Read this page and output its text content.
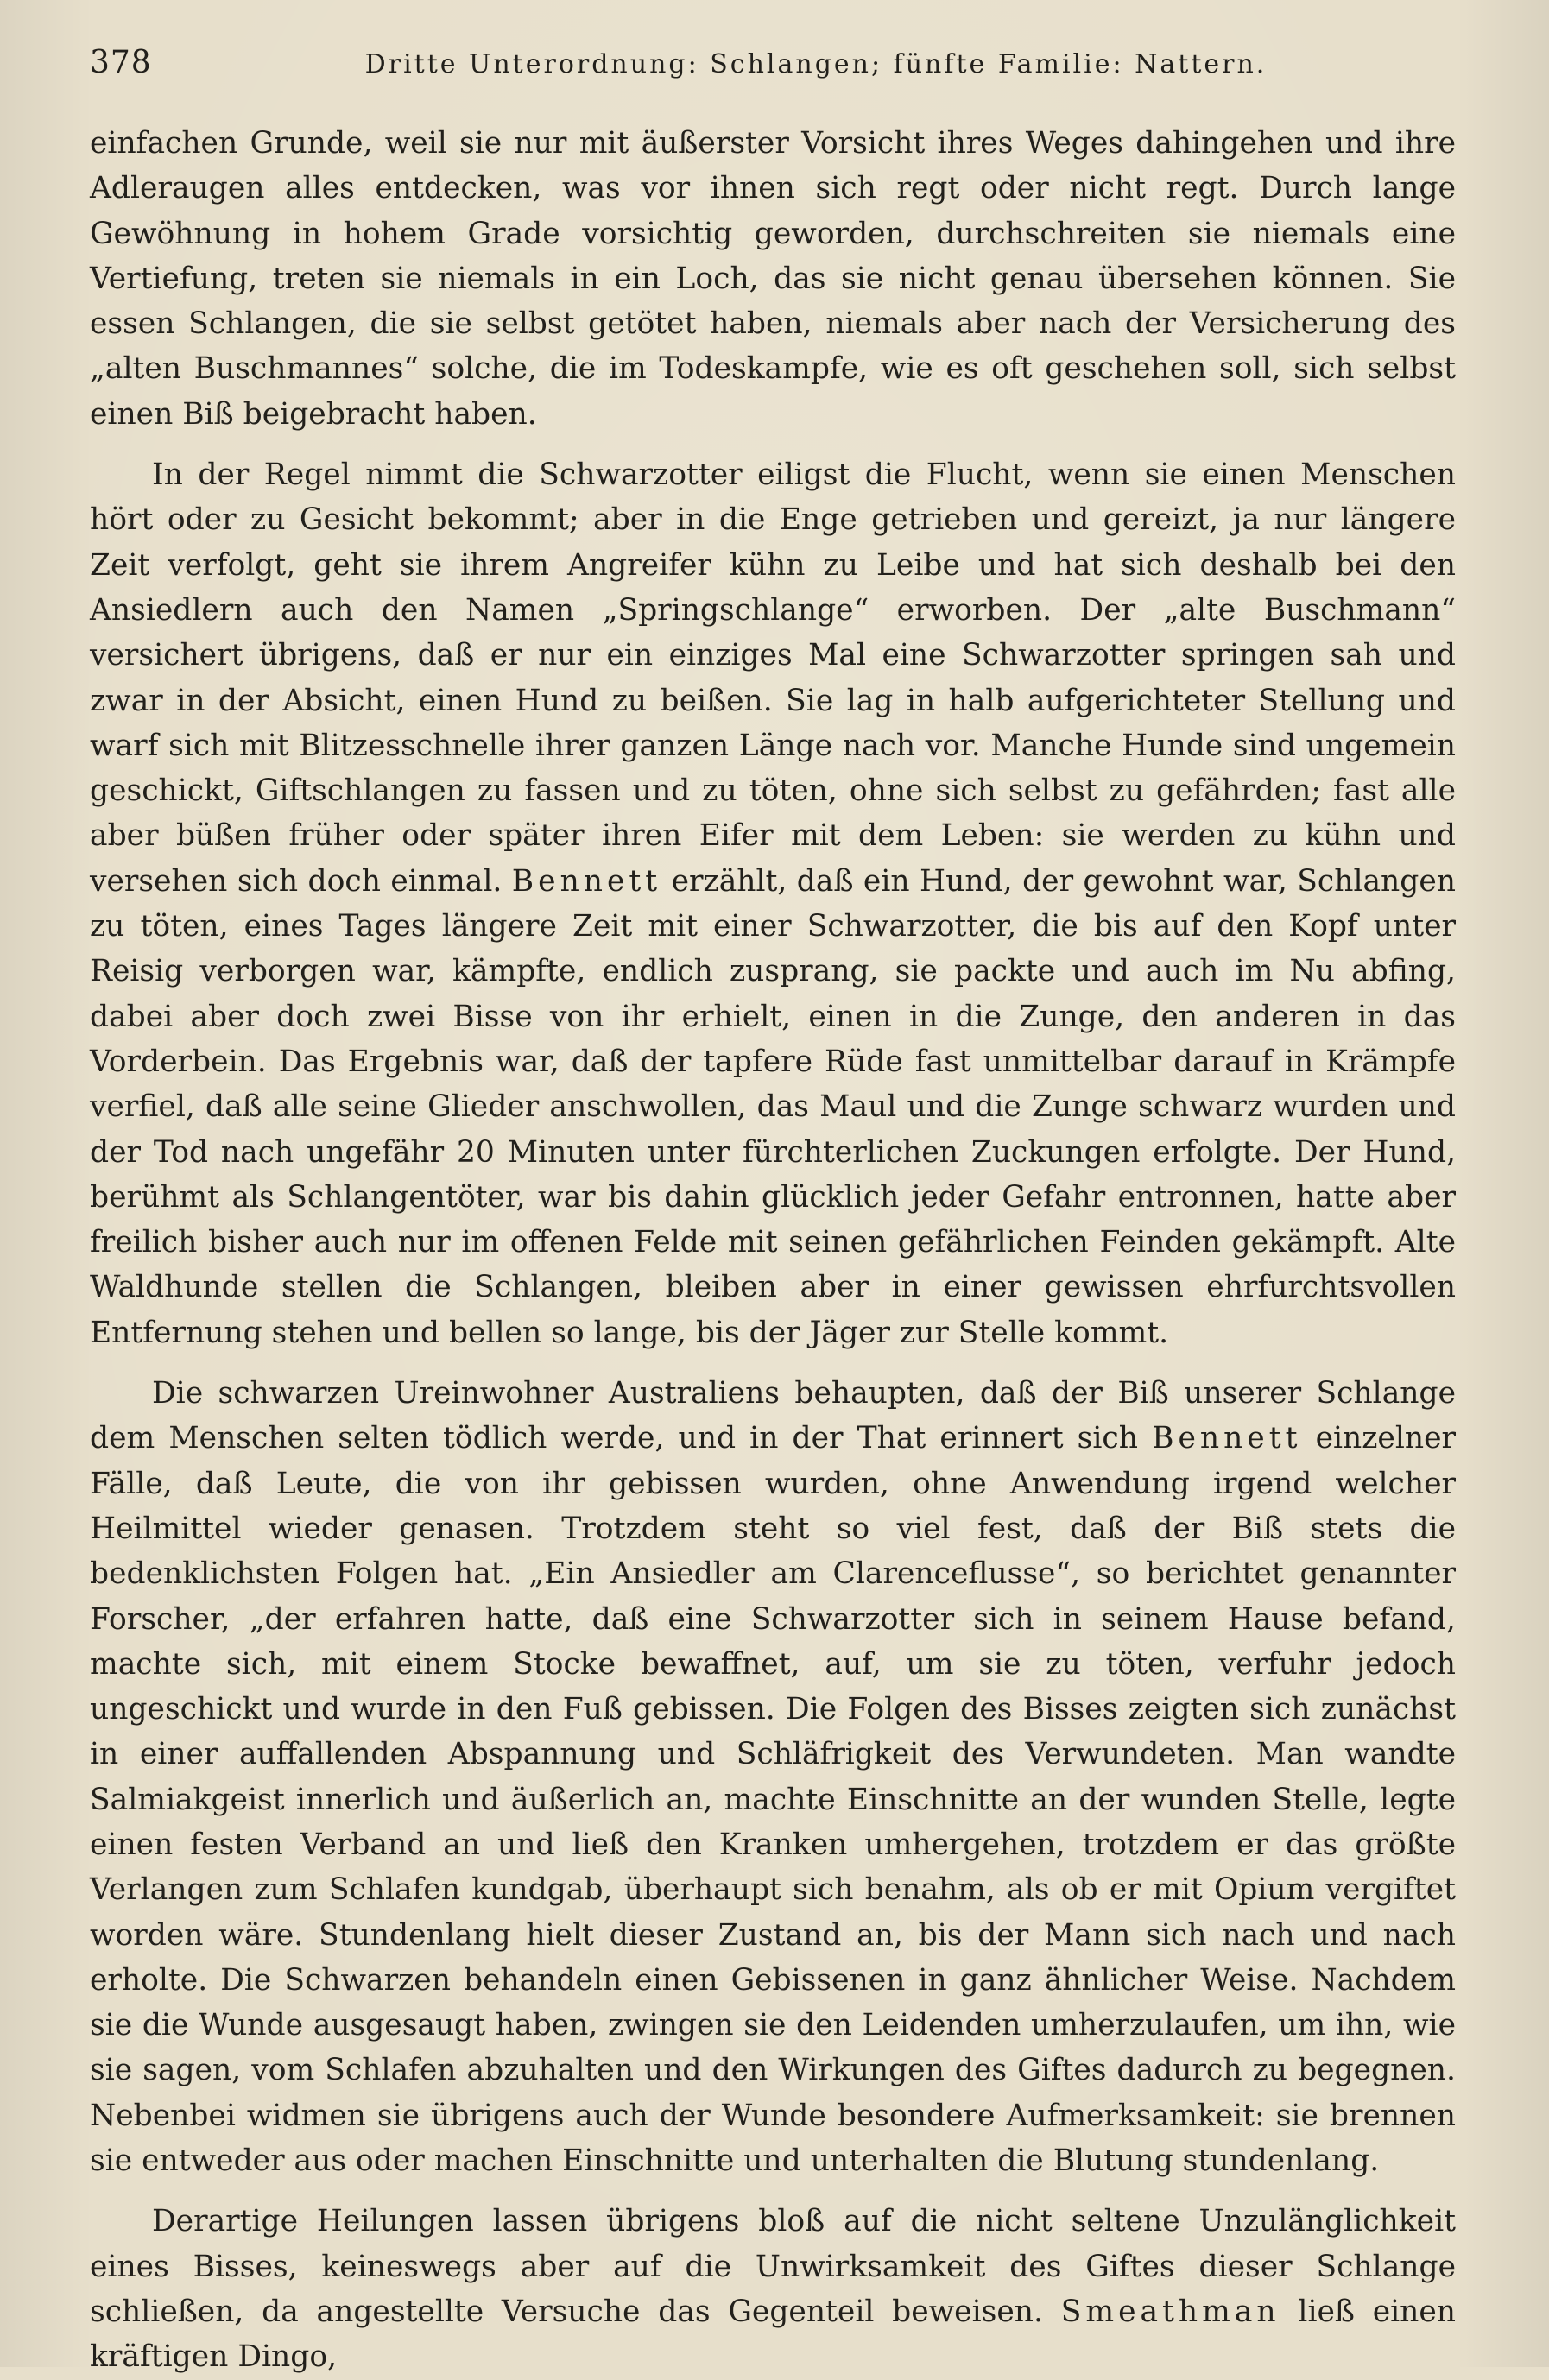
378	Dritte Unterordnung: Schlangen; fünfte Familie: Nattern.

einfachen Grunde, weil sie nur mit äußerster Vorsicht ihres Weges dahingehen und ihre Adleraugen alles entdecken, was vor ihnen sich regt oder nicht regt. Durch lange Gewöhnung in hohem Grade vorsichtig geworden, durchschreiten sie niemals eine Vertiefung, treten sie niemals in ein Loch, das sie nicht genau übersehen können. Sie essen Schlangen, die sie selbst getötet haben, niemals aber nach der Versicherung des „alten Buschmannes“ solche, die im Todeskampfe, wie es oft geschehen soll, sich selbst einen Biß beigebracht haben.

In der Regel nimmt die Schwarzotter eiligst die Flucht, wenn sie einen Menschen hört oder zu Gesicht bekommt; aber in die Enge getrieben und gereizt, ja nur längere Zeit verfolgt, geht sie ihrem Angreifer kühn zu Leibe und hat sich deshalb bei den Ansiedlern auch den Namen „Springschlange“ erworben. Der „alte Buschmann“ versichert übrigens, daß er nur ein einziges Mal eine Schwarzotter springen sah und zwar in der Absicht, einen Hund zu beißen. Sie lag in halb aufgerichteter Stellung und warf sich mit Blitzesschnelle ihrer ganzen Länge nach vor. Manche Hunde sind ungemein geschickt, Giftschlangen zu fassen und zu töten, ohne sich selbst zu gefährden; fast alle aber büßen früher oder später ihren Eifer mit dem Leben: sie werden zu kühn und versehen sich doch einmal. Bennett erzählt, daß ein Hund, der gewohnt war, Schlangen zu töten, eines Tages längere Zeit mit einer Schwarzotter, die bis auf den Kopf unter Reisig verborgen war, kämpfte, endlich zusprang, sie packte und auch im Nu abfing, dabei aber doch zwei Bisse von ihr erhielt, einen in die Zunge, den anderen in das Vorderbein. Das Ergebnis war, daß der tapfere Rüde fast unmittelbar darauf in Krämpfe verfiel, daß alle seine Glieder anschwollen, das Maul und die Zunge schwarz wurden und der Tod nach ungefähr 20 Minuten unter fürchterlichen Zuckungen erfolgte. Der Hund, berühmt als Schlangentöter, war bis dahin glücklich jeder Gefahr entronnen, hatte aber freilich bisher auch nur im offenen Felde mit seinen gefährlichen Feinden gekämpft. Alte Waldhunde stellen die Schlangen, bleiben aber in einer gewissen ehrfurchtsvollen Entfernung stehen und bellen so lange, bis der Jäger zur Stelle kommt.

Die schwarzen Ureinwohner Australiens behaupten, daß der Biß unserer Schlange dem Menschen selten tödlich werde, und in der That erinnert sich Bennett einzelner Fälle, daß Leute, die von ihr gebissen wurden, ohne Anwendung irgend welcher Heilmittel wieder genasen. Trotzdem steht so viel fest, daß der Biß stets die bedenklichsten Folgen hat. „Ein Ansiedler am Clarenceflusse“, so berichtet genannter Forscher, „der erfahren hatte, daß eine Schwarzotter sich in seinem Hause befand, machte sich, mit einem Stocke bewaffnet, auf, um sie zu töten, verfuhr jedoch ungeschickt und wurde in den Fuß gebissen. Die Folgen des Bisses zeigten sich zunächst in einer auffallenden Abspannung und Schläfrigkeit des Verwundeten. Man wandte Salmiakgeist innerlich und äußerlich an, machte Einschnitte an der wunden Stelle, legte einen festen Verband an und ließ den Kranken umhergehen, trotzdem er das größte Verlangen zum Schlafen kundgab, überhaupt sich benahm, als ob er mit Opium vergiftet worden wäre. Stundenlang hielt dieser Zustand an, bis der Mann sich nach und nach erholte. Die Schwarzen behandeln einen Gebissenen in ganz ähnlicher Weise. Nachdem sie die Wunde ausgesaugt haben, zwingen sie den Leidenden umherzulaufen, um ihn, wie sie sagen, vom Schlafen abzuhalten und den Wirkungen des Giftes dadurch zu begegnen. Nebenbei widmen sie übrigens auch der Wunde besondere Aufmerksamkeit: sie brennen sie entweder aus oder machen Einschnitte und unterhalten die Blutung stundenlang.

Derartige Heilungen lassen übrigens bloß auf die nicht seltene Unzulänglichkeit eines Bisses, keineswegs aber auf die Unwirksamkeit des Giftes dieser Schlange schließen, da angestellte Versuche das Gegenteil beweisen. Smeathman ließ einen kräftigen Dingo,
